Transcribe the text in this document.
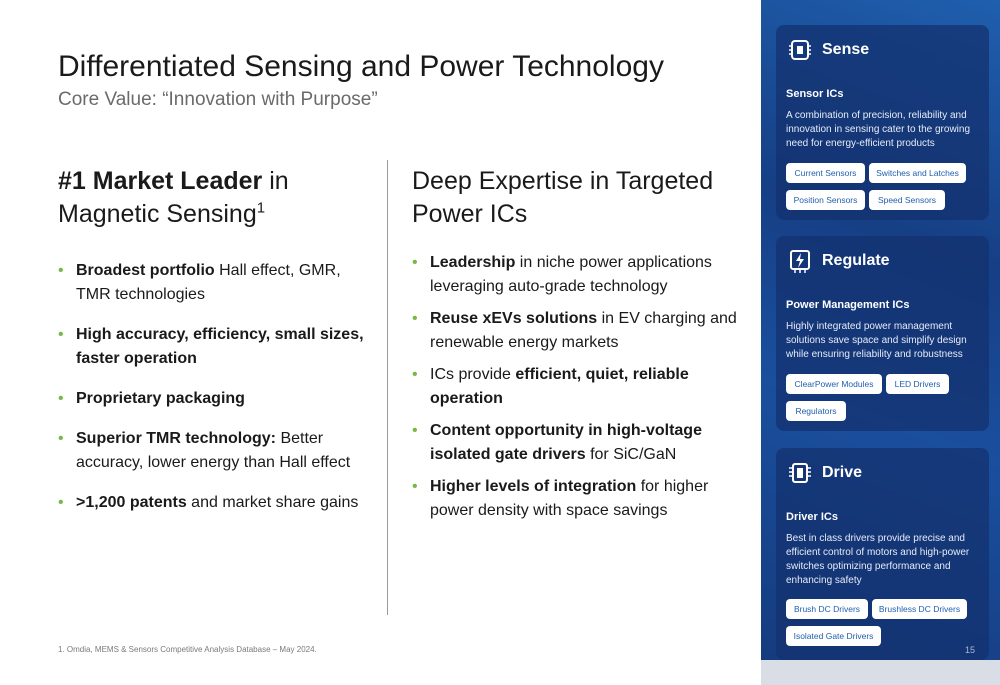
Differentiated Sensing and Power Technology
Core Value: “Innovation with Purpose”
#1 Market Leader in
Magnetic Sensing$^1$
• Broadest portfolio Hall effect, GMR, TMR technologies
• High accuracy, efficiency, small sizes, faster operation
• Proprietary packaging
• Superior TMR technology: Better accuracy, lower energy than Hall effect
• >1,200 patents and market share gains
Deep Expertise in Targeted Power ICs
• Leadership in niche power applications leveraging auto-grade technology
• Reuse xEVs solutions in EV charging and renewable energy markets
• ICs provide efficient, quiet, reliable operation
• Content opportunity in high-voltage isolated gate drivers for SiC/GaN
• Higher levels of integration for higher power density with space savings
1. Omdia, MEMS & Sensors Competitive Analysis Database – May 2024.
Sense
Sensor ICs
A combination of precision, reliability and innovation in sensing cater to the growing need for energy-efficient products
Current Sensors	Switches and Latches
Position Sensors	Speed Sensors
Regulate
Power Management ICs
Highly integrated power management solutions save space and simplify design while ensuring reliability and robustness
ClearPower Modules	LED Drivers
Regulators
Drive
Driver ICs
Best in class drivers provide precise and efficient control of motors and high-power switches optimizing performance and enhancing safety
Brush DC Drivers	Brushless DC Drivers
Isolated Gate Drivers
15
